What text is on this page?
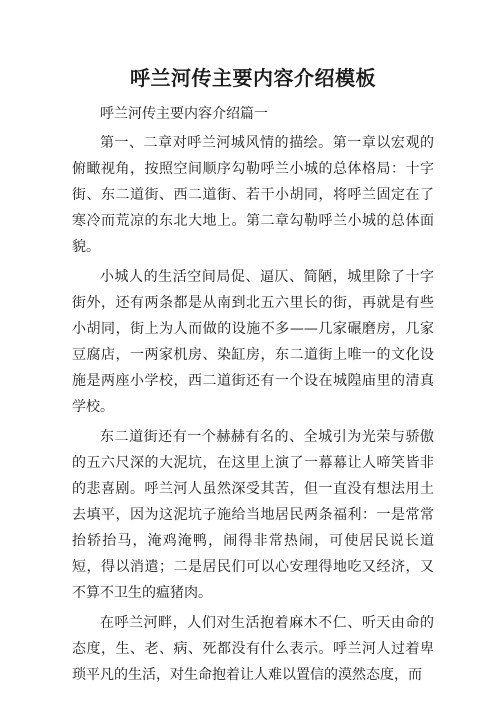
呼兰河传主要内容介绍模板

呼兰河传主要内容介绍篇一

第一、二章对呼兰河城风情的描绘。第一章以宏观的俯瞰视角，按照空间顺序勾勒呼兰小城的总体格局：十字街、东二道街、西二道街、若干小胡同，将呼兰固定在了寒冷而荒凉的东北大地上。第二章勾勒呼兰小城的总体面貌。

小城人的生活空间局促、逼仄、简陋，城里除了十字街外，还有两条都是从南到北五六里长的街，再就是有些小胡同，街上为人而做的设施不多——几家碾磨房，几家豆腐店，一两家机房、染缸房，东二道街上唯一的文化设施是两座小学校，西二道街还有一个设在城隍庙里的清真学校。

东二道街还有一个赫赫有名的、全城引为光荣与骄傲的五六尺深的大泥坑，在这里上演了一幕幕让人啼笑皆非的悲喜剧。呼兰河人虽然深受其苦，但一直没有想法用土去填平，因为这泥坑子施给当地居民两条福利：一是常常抬轿抬马，淹鸡淹鸭，闹得非常热闹，可使居民说长道短，得以消遣；二是居民们可以心安理得地吃又经济，又不算不卫生的瘟猪肉。

在呼兰河畔，人们对生活抱着麻木不仁、听天由命的态度，生、老、病、死都没有什么表示。呼兰河人过着卑琐平凡的生活，对生命抱着让人难以置信的漠然态度，而
